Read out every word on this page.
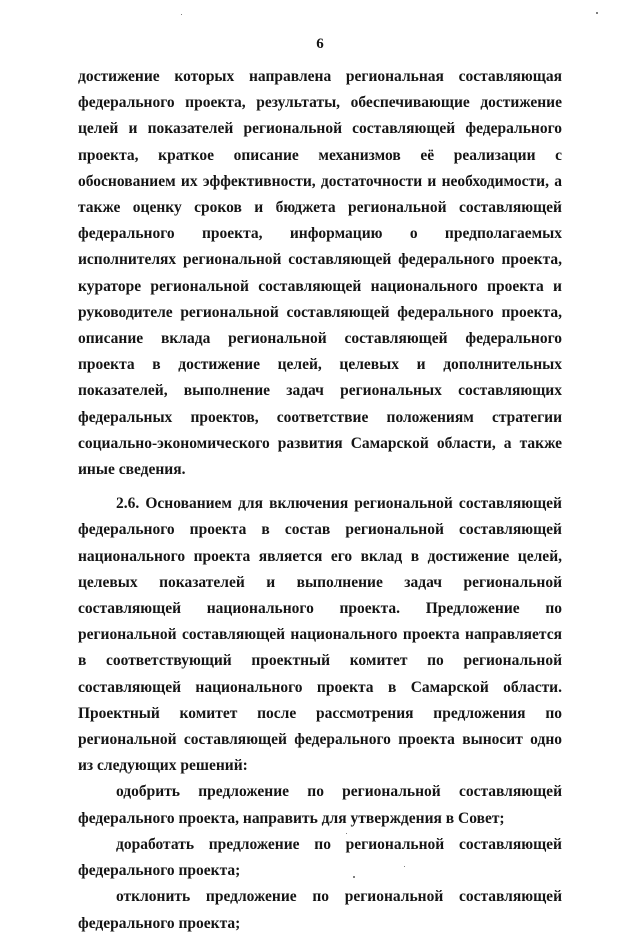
6

достижение которых направлена региональная составляющая федерального проекта, результаты, обеспечивающие достижение целей и показателей региональной составляющей федерального проекта, краткое описание механизмов её реализации с обоснованием их эффективности, достаточности и необходимости, а также оценку сроков и бюджета региональной составляющей федерального проекта, информацию о предполагаемых исполнителях региональной составляющей федерального проекта, кураторе региональной составляющей национального проекта и руководителе региональной составляющей федерального проекта, описание вклада региональной составляющей федерального проекта в достижение целей, целевых и дополнительных показателей, выполнение задач региональных составляющих федеральных проектов, соответствие положениям стратегии социально-экономического развития Самарской области, а также иные сведения.

2.6. Основанием для включения региональной составляющей федерального проекта в состав региональной составляющей национального проекта является его вклад в достижение целей, целевых показателей и выполнение задач региональной составляющей национального проекта. Предложение по региональной составляющей национального проекта направляется в соответствующий проектный комитет по региональной составляющей национального проекта в Самарской области. Проектный комитет после рассмотрения предложения по региональной составляющей федерального проекта выносит одно из следующих решений:

одобрить предложение по региональной составляющей федерального проекта, направить для утверждения в Совет;

доработать предложение по региональной составляющей федерального проекта;

отклонить предложение по региональной составляющей федерального проекта;
